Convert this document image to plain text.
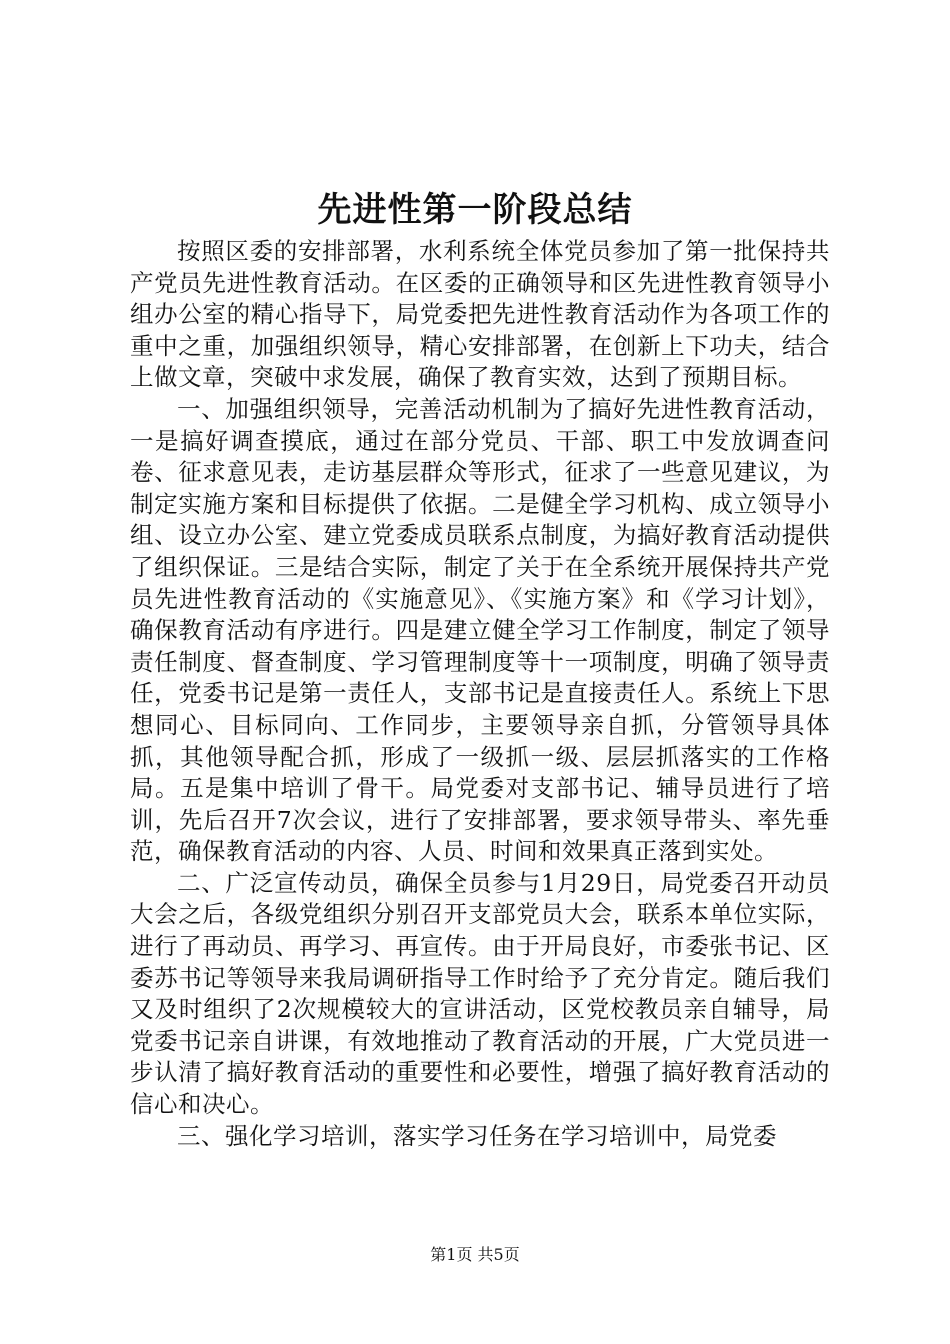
先进性第一阶段总结

按照区委的安排部署，水利系统全体党员参加了第一批保持共产党员先进性教育活动。在区委的正确领导和区先进性教育领导小组办公室的精心指导下，局党委把先进性教育活动作为各项工作的重中之重，加强组织领导，精心安排部署，在创新上下功夫，结合上做文章，突破中求发展，确保了教育实效，达到了预期目标。

一、加强组织领导，完善活动机制为了搞好先进性教育活动，一是搞好调查摸底，通过在部分党员、干部、职工中发放调查问卷、征求意见表，走访基层群众等形式，征求了一些意见建议，为制定实施方案和目标提供了依据。二是健全学习机构、成立领导小组、设立办公室、建立党委成员联系点制度，为搞好教育活动提供了组织保证。三是结合实际，制定了关于在全系统开展保持共产党员先进性教育活动的《实施意见》、《实施方案》和《学习计划》，确保教育活动有序进行。四是建立健全学习工作制度，制定了领导责任制度、督查制度、学习管理制度等十一项制度，明确了领导责任，党委书记是第一责任人，支部书记是直接责任人。系统上下思想同心、目标同向、工作同步，主要领导亲自抓，分管领导具体抓，其他领导配合抓，形成了一级抓一级、层层抓落实的工作格局。五是集中培训了骨干。局党委对支部书记、辅导员进行了培训，先后召开7次会议，进行了安排部署，要求领导带头、率先垂范，确保教育活动的内容、人员、时间和效果真正落到实处。

二、广泛宣传动员，确保全员参与1月29日，局党委召开动员大会之后，各级党组织分别召开支部党员大会，联系本单位实际，进行了再动员、再学习、再宣传。由于开局良好，市委张书记、区委苏书记等领导来我局调研指导工作时给予了充分肯定。随后我们又及时组织了2次规模较大的宣讲活动，区党校教员亲自辅导，局党委书记亲自讲课，有效地推动了教育活动的开展，广大党员进一步认清了搞好教育活动的重要性和必要性，增强了搞好教育活动的信心和决心。

三、强化学习培训，落实学习任务在学习培训中，局党委

第1页 共5页
